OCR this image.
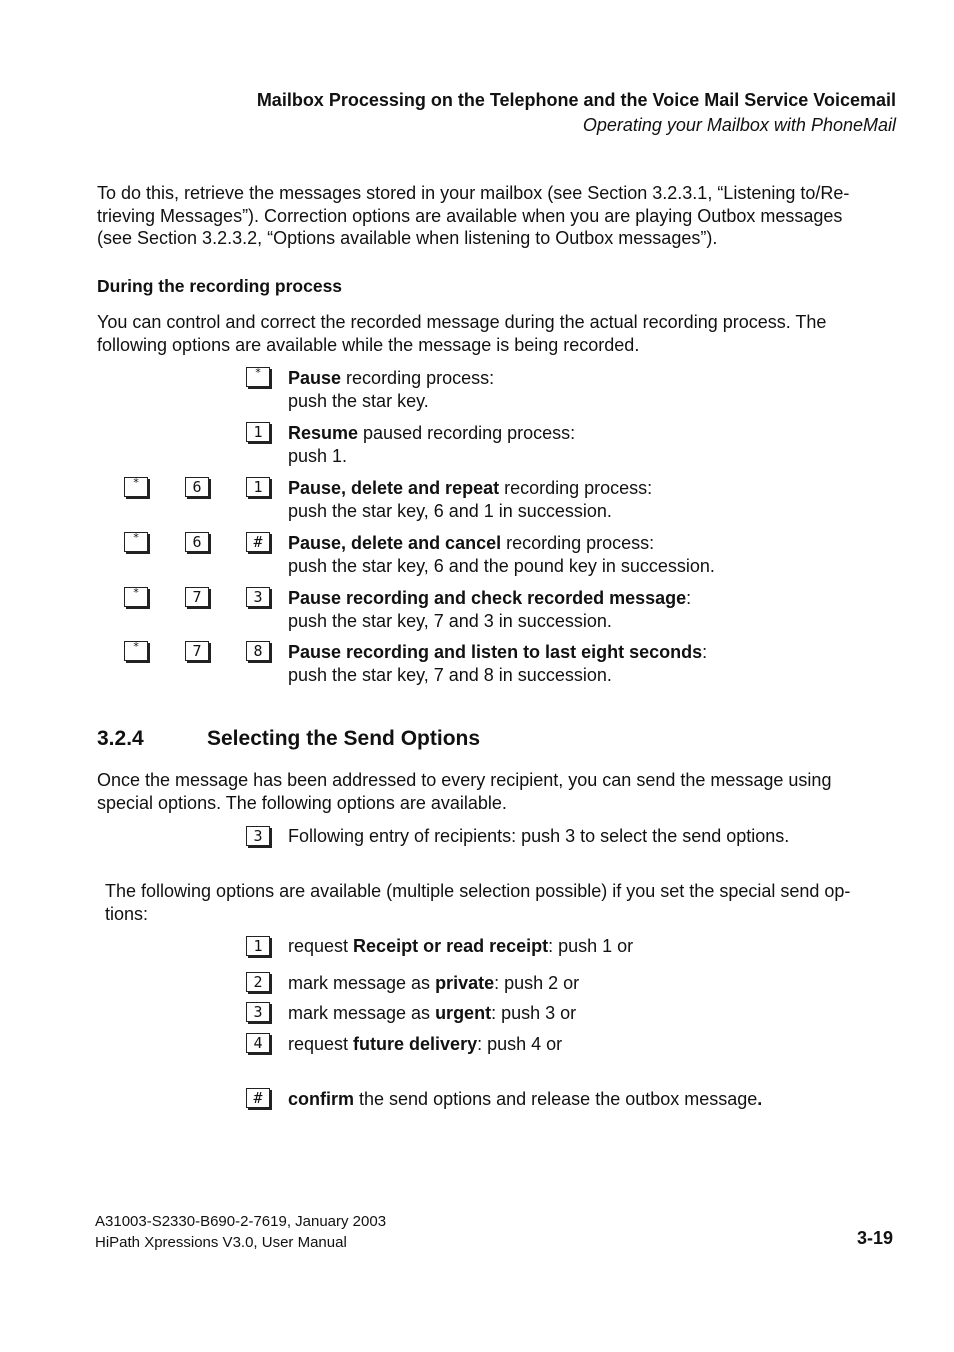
Mailbox Processing on the Telephone and the Voice Mail Service Voicemail
Operating your Mailbox with PhoneMail

To do this, retrieve the messages stored in your mailbox (see Section 3.2.3.1, “Listening to/Re-

trieving Messages”). Correction options are available when you are playing Outbox messages

(see Section 3.2.3.2, “Options available when listening to Outbox messages”).

During the recording process

You can control and correct the recorded message during the actual recording process. The

following options are available while the message is being recorded.

*	Pause recording process:
push the star key.
1	Resume paused recording process:
push 1.
*	6	1	Pause, delete and repeat recording process:
push the star key, 6 and 1 in succession.
*	6	#	Pause, delete and cancel recording process:
push the star key, 6 and the pound key in succession.
*	7	3	Pause recording and check recorded message:
push the star key, 7 and 3 in succession.
*	7	8	Pause recording and listen to last eight seconds:
push the star key, 7 and 8 in succession.
3.2.4	Selecting the Send Options

Once the message has been addressed to every recipient, you can send the message using

special options. The following options are available.

3	Following entry of recipients: push 3 to select the send options.

The following options are available (multiple selection possible) if you set the special send op-

tions:

1	request Receipt or read receipt: push 1 or
2	mark message as private: push 2 or
3	mark message as urgent: push 3 or
4	request future delivery: push 4 or
#	confirm the send options and release the outbox message.
A31003-S2330-B690-2-7619, January 2003
HiPath Xpressions V3.0, User Manual	3-19
